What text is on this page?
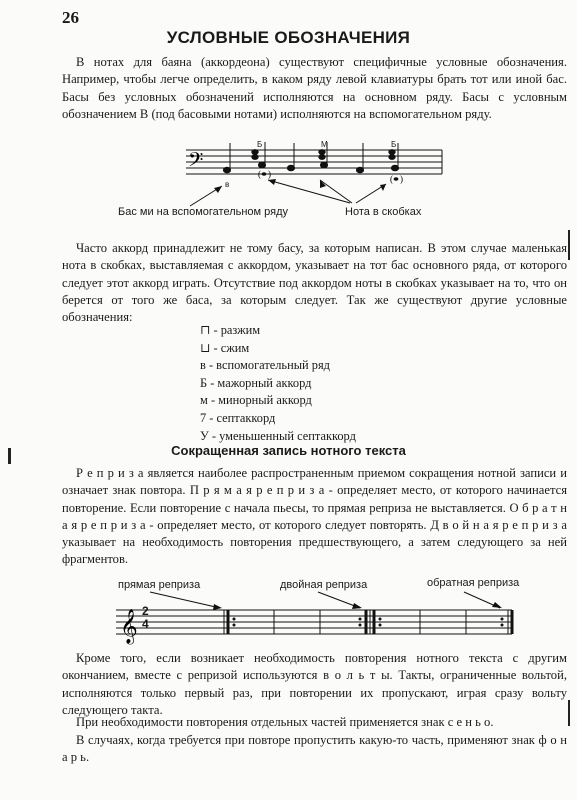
26
УСЛОВНЫЕ ОБОЗНАЧЕНИЯ

В нотах для баяна (аккордеона) существуют специфичные условные обозначения. Например, чтобы легче определить, в каком ряду левой клавиатуры брать тот или иной бас. Басы без условных обозначений исполняются на основном ряду. Басы с условным обозначением В (под басовыми нотами) исполняются на вспомогательном ряду.

𝄢	( )	( )
Б	М	Б
в
Бас ми на вспомогательном ряду	Нота в скобках

Часто аккорд принадлежит не тому басу, за которым написан. В этом случае маленькая нота в скобках, выставляемая с аккордом, указывает на тот бас основного ряда, от которого следует этот аккорд играть. Отсутствие под аккордом ноты в скобках указывает на то, что он берется от того же баса, за которым следует. Так же существуют другие условные обозначения:

⊓ - разжим
⊔ - сжим
в - вспомогательный ряд
Б - мажорный аккорд
м - минорный аккорд
7 - септаккорд
У - уменьшенный септаккорд
Сокращенная запись нотного текста

Р е п р и з а является наиболее распространенным приемом сокращения нотной записи и означает знак повтора. П р я м а я р е п р и з а - определяет место, от которого начинается повторение. Если повторение с начала пьесы, то прямая реприза не выставляется. О б р а т н а я р е п р и з а - определяет место, от которого следует повторять. Д в о й н а я р е п р и з а указывает на необходимость повторения предшествующего, а затем следующего за ней фрагментов.

прямая реприза	двойная реприза	обратная реприза
𝄞 2
4

Кроме того, если возникает необходимость повторения нотного текста с другим окончанием, вместе с репризой используются в о л ь т ы. Такты, ограниченные вольтой, исполняются только первый раз, при повторении их пропускают, играя сразу вольту следующего такта.

При необходимости повторения отдельных частей применяется знак с е н ь о.

В случаях, когда требуется при повторе пропустить какую-то часть, применяют знак ф о н а р ь.
